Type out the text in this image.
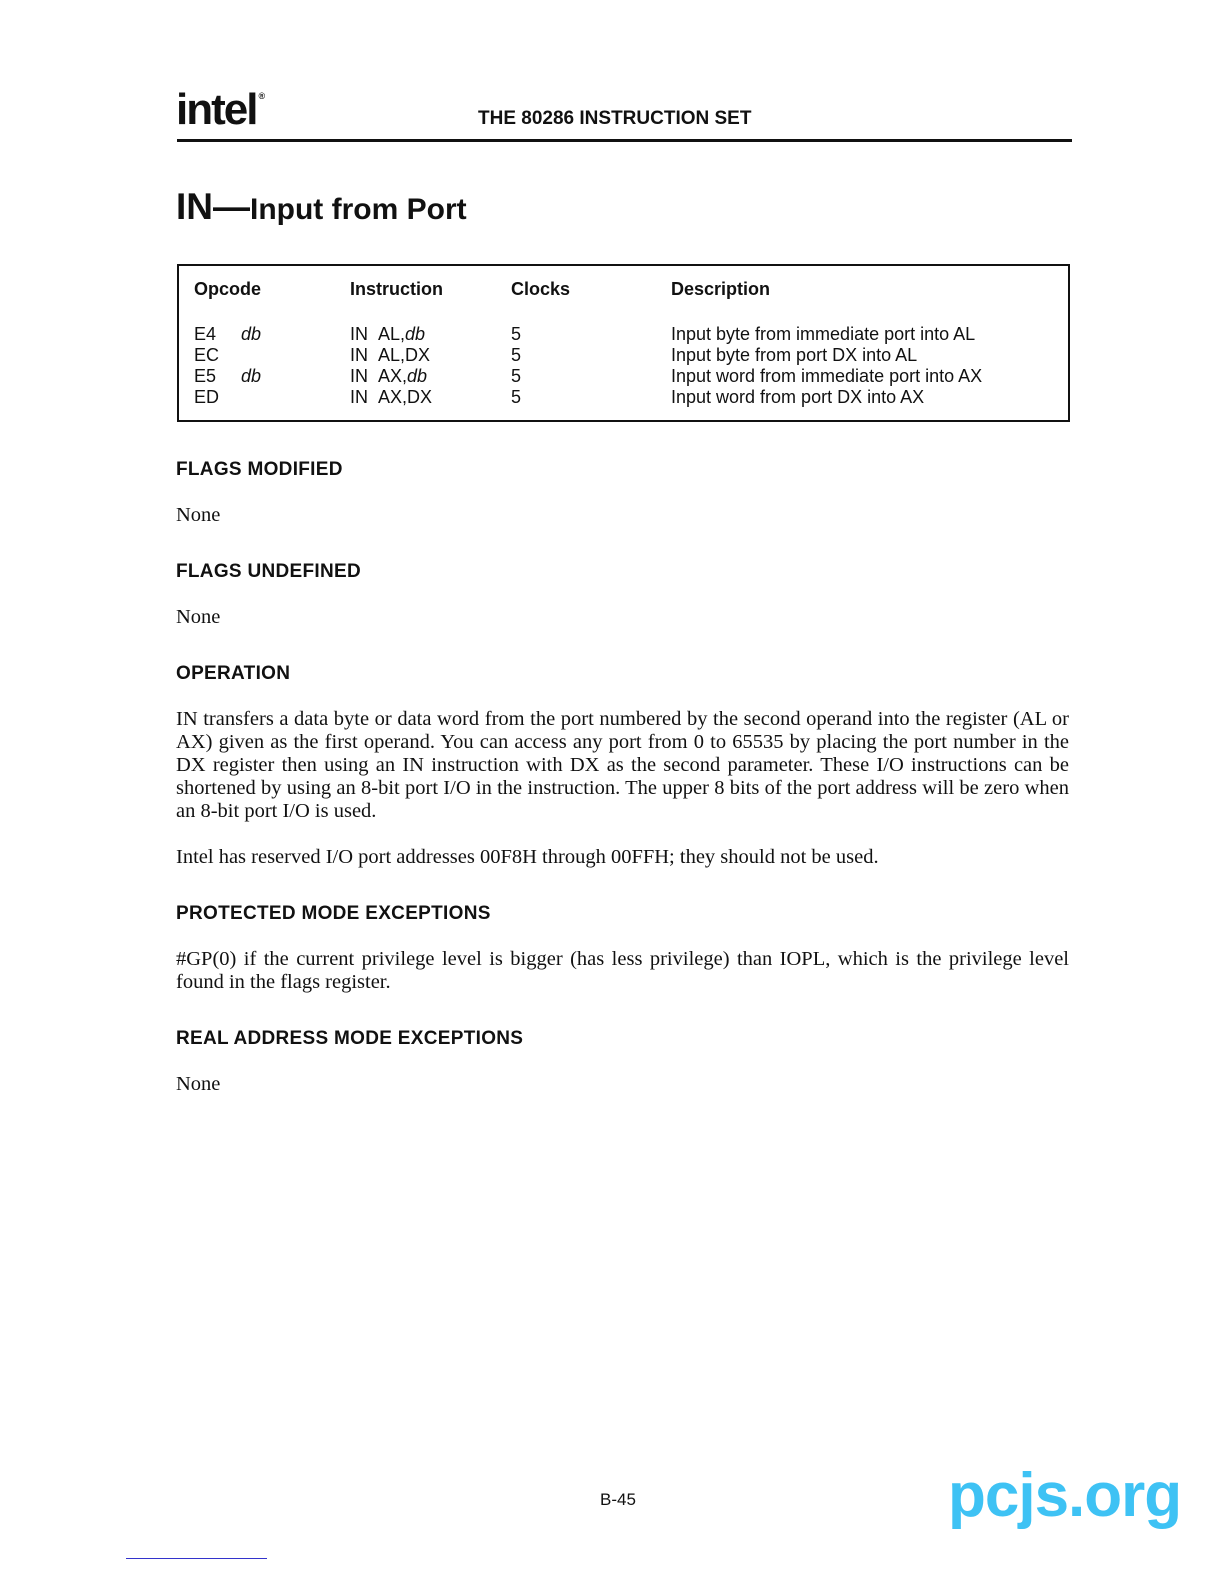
intel ®
THE 80286 INSTRUCTION SET
IN—Input from Port
Opcode	Instruction	Clocks	Description
E4 db	IN AL,db	5	Input byte from immediate port into AL
EC	IN AL,DX	5	Input byte from port DX into AL
E5 db	IN AX,db	5	Input word from immediate port into AX
ED	IN AX,DX	5	Input word from port DX into AX
FLAGS MODIFIED

None

FLAGS UNDEFINED

None

OPERATION

IN transfers a data byte or data word from the port numbered by the second operand into the register (AL or AX) given as the first operand. You can access any port from 0 to 65535 by placing the port number in the DX register then using an IN instruction with DX as the second parameter. These I/O instructions can be shortened by using an 8-bit port I/O in the instruction. The upper 8 bits of the port address will be zero when an 8-bit port I/O is used.

Intel has reserved I/O port addresses 00F8H through 00FFH; they should not be used.

PROTECTED MODE EXCEPTIONS

#GP(0) if the current privilege level is bigger (has less privilege) than IOPL, which is the privilege level found in the flags register.

REAL ADDRESS MODE EXCEPTIONS

None

B-45	pcjs.org
